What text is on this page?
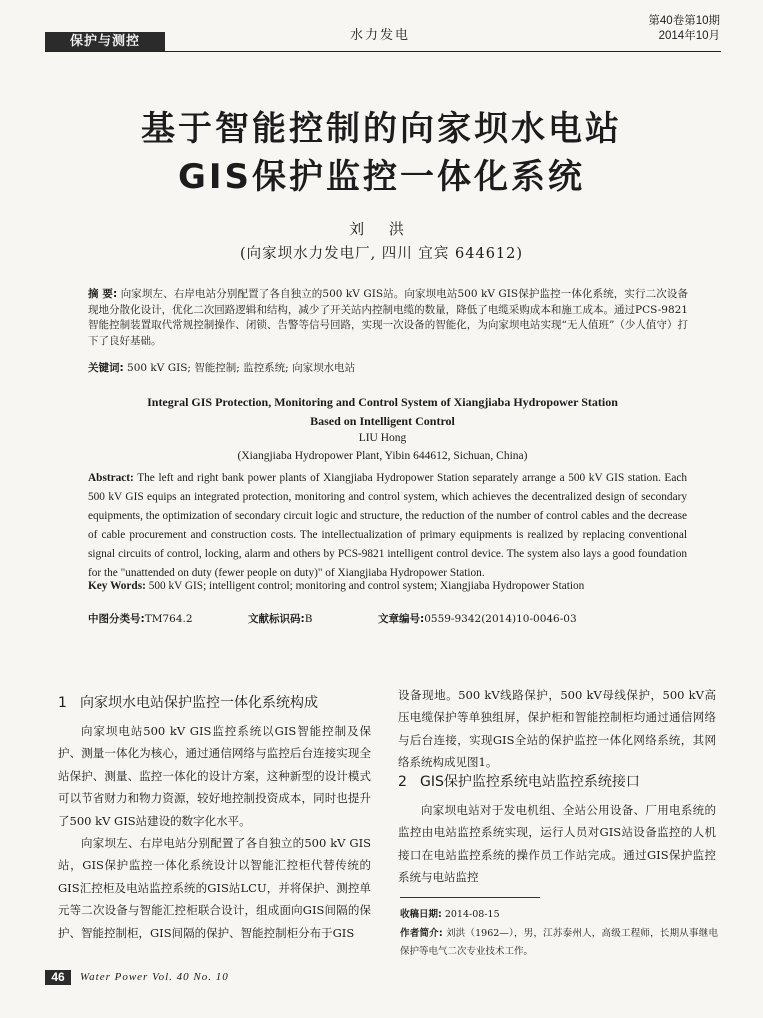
保护与测控	水力发电
第40卷第10期
2014年10月
基于智能控制的向家坝水电站
GIS保护监控一体化系统
刘 洪
(向家坝水力发电厂, 四川 宜宾 644612)
摘 要: 向家坝左、右岸电站分别配置了各自独立的500 kV GIS站。向家坝电站500 kV GIS保护监控一体化系统，实行二次设备现地分散化设计，优化二次回路逻辑和结构，减少了开关站内控制电缆的数量，降低了电缆采购成本和施工成本。通过PCS-9821智能控制装置取代常规控制操作、闭锁、告警等信号回路，实现一次设备的智能化，为向家坝电站实现“无人值班”（少人值守）打下了良好基础。
关键词: 500 kV GIS; 智能控制; 监控系统; 向家坝水电站
Integral GIS Protection, Monitoring and Control System of Xiangjiaba Hydropower Station
Based on Intelligent Control
LIU Hong
(Xiangjiaba Hydropower Plant, Yibin 644612, Sichuan, China)
Abstract: The left and right bank power plants of Xiangjiaba Hydropower Station separately arrange a 500 kV GIS station. Each 500 kV GIS equips an integrated protection, monitoring and control system, which achieves the decentralized design of secondary equipments, the optimization of secondary circuit logic and structure, the reduction of the number of control cables and the decrease of cable procurement and construction costs. The intellectualization of primary equipments is realized by replacing conventional signal circuits of control, locking, alarm and others by PCS-9821 intelligent control device. The system also lays a good foundation for the "unattended on duty (fewer people on duty)" of Xiangjiaba Hydropower Station.
Key Words: 500 kV GIS; intelligent control; monitoring and control system; Xiangjiaba Hydropower Station
中图分类号:TM764.2	文献标识码:B	文章编号:0559-9342(2014)10-0046-03
1 向家坝水电站保护监控一体化系统构成

向家坝电站500 kV GIS监控系统以GIS智能控制及保护、测量一体化为核心，通过通信网络与监控后台连接实现全站保护、测量、监控一体化的设计方案，这种新型的设计模式可以节省财力和物力资源，较好地控制投资成本，同时也提升了500 kV GIS站建设的数字化水平。

向家坝左、右岸电站分别配置了各自独立的500 kV GIS站，GIS保护监控一体化系统设计以智能汇控柜代替传统的GIS汇控柜及电站监控系统的GIS站LCU，并将保护、测控单元等二次设备与智能汇控柜联合设计，组成面向GIS间隔的保护、智能控制柜，GIS间隔的保护、智能控制柜分布于GIS

设备现地。500 kV线路保护，500 kV母线保护，500 kV高压电缆保护等单独组屏，保护柜和智能控制柜均通过通信网络与后台连接，实现GIS全站的保护监控一体化网络系统，其网络系统构成见图1。
2 GIS保护监控系统电站监控系统接口

向家坝电站对于发电机组、全站公用设备、厂用电系统的监控由电站监控系统实现，运行人员对GIS站设备监控的人机接口在电站监控系统的操作员工作站完成。通过GIS保护监控系统与电站监控

收稿日期: 2014-08-15
作者简介: 刘洪（1962—），男，江苏泰州人，高级工程师，长期从事继电保护等电气二次专业技术工作。
46	Water Power Vol. 40 No. 10
